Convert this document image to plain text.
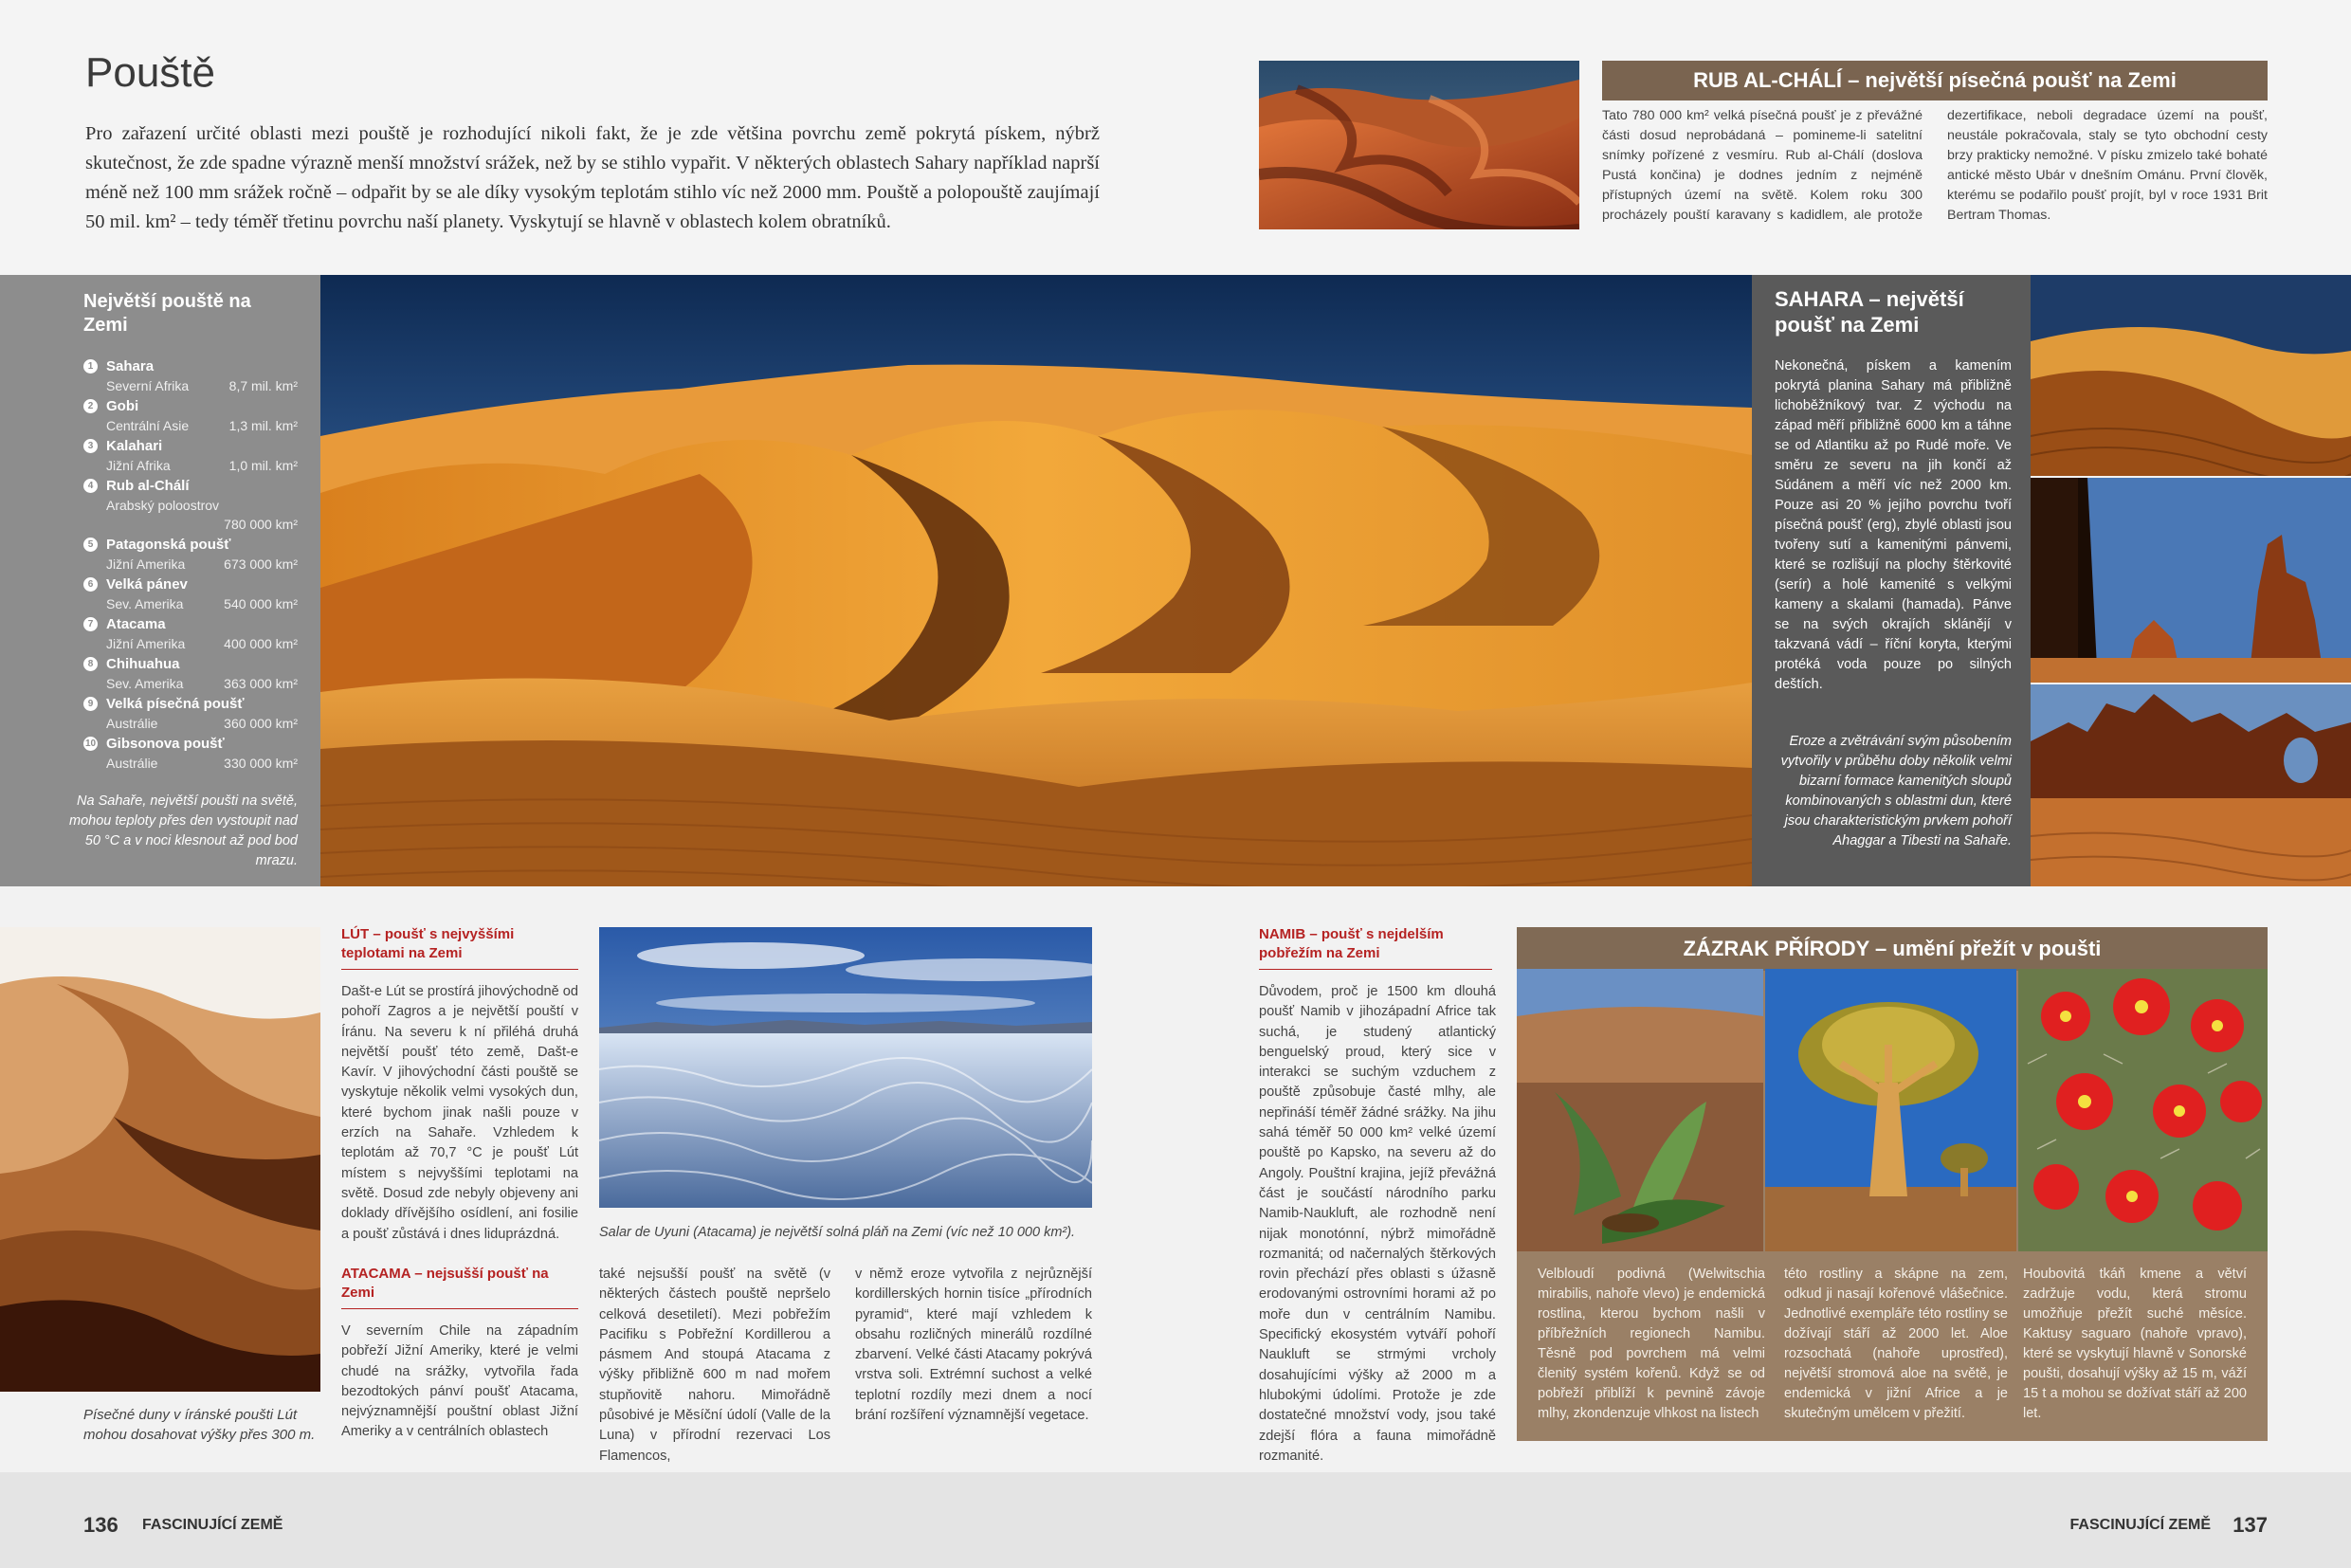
Pouště
Pro zařazení určité oblasti mezi pouště je rozhodující nikoli fakt, že je zde většina povrchu země pokrytá pískem, nýbrž skutečnost, že zde spadne výrazně menší množství srážek, než by se stihlo vypařit. V některých oblastech Sahary například naprší méně než 100 mm srážek ročně – odpařit by se ale díky vysokým teplotám stihlo víc než 2000 mm. Pouště a polopouště zaujímají 50 mil. km² – tedy téměř třetinu povrchu naší planety. Vyskytují se hlavně v oblastech kolem obratníků.
RUB AL-CHÁLÍ – největší písečná poušť na Zemi
Tato 780 000 km² velká písečná poušť je z převážné části dosud neprobádaná – pomineme-li satelitní snímky pořízené z vesmíru. Rub al-Chálí (doslova Pustá končina) je dodnes jedním z nejméně přístupných území na světě. Kolem roku 300 procházely pouští karavany s kadidlem, ale protože dezertifikace, neboli degradace území na poušť, neustále pokračovala, staly se tyto obchodní cesty brzy prakticky nemožné. V písku zmizelo také bohaté antické město Ubár v dnešním Ománu. První člověk, kterému se podařilo poušť projít, byl v roce 1931 Brit Bertram Thomas.
Největší pouště na Zemi
1 Sahara
Severní Afrika	8,7 mil. km²
2 Gobi
Centrální Asie	1,3 mil. km²
3 Kalahari
Jižní Afrika	1,0 mil. km²
4 Rub al-Chálí
Arabský poloostrov
780 000 km²
5 Patagonská poušť
Jižní Amerika	673 000 km²
6 Velká pánev
Sev. Amerika	540 000 km²
7 Atacama
Jižní Amerika	400 000 km²
8 Chihuahua
Sev. Amerika	363 000 km²
9 Velká písečná poušť
Austrálie	360 000 km²
10 Gibsonova poušť
Austrálie	330 000 km²
Na Sahaře, největší poušti na světě, mohou teploty přes den vystoupit nad 50 °C a v noci klesnout až pod bod mrazu.
SAHARA – největší poušť na Zemi
Nekonečná, pískem a kamením pokrytá planina Sahary má přibližně lichoběžníkový tvar. Z východu na západ měří přibližně 6000 km a táhne se od Atlantiku až po Rudé moře. Ve směru ze severu na jih končí až Súdánem a měří víc než 2000 km. Pouze asi 20 % jejího povrchu tvoří písečná poušť (erg), zbylé oblasti jsou tvořeny sutí a kamenitými pánvemi, které se rozlišují na plochy štěrkovité (serír) a holé kamenité s velkými kameny a skalami (hamada). Pánve se na svých okrajích sklánějí v takzvaná vádí – říční koryta, kterými protéká voda pouze po silných deštích.
Eroze a zvětrávání svým působením vytvořily v průběhu doby několik velmi bizarní formace kamenitých sloupů kombinovaných s oblastmi dun, které jsou charakteristickým prvkem pohoří Ahaggar a Tibesti na Sahaře.
Písečné duny v íránské poušti Lút mohou dosahovat výšky přes 300 m.
LÚT – poušť s nejvyššími teplotami na Zemi
Dašt-e Lút se prostírá jihovýchodně od pohoří Zagros a je největší pouští v Íránu. Na severu k ní přiléhá druhá největší poušť této země, Dašt-e Kavír. V jihovýchodní části pouště se vyskytuje několik velmi vysokých dun, které bychom jinak našli pouze v erzích na Sahaře. Vzhledem k teplotám až 70,7 °C je poušť Lút místem s nejvyššími teplotami na světě. Dosud zde nebyly objeveny ani doklady dřívějšího osídlení, ani fosilie a poušť zůstává i dnes liduprázdná.
ATACAMA – nejsušší poušť na Zemi
V severním Chile na západním pobřeží Jižní Ameriky, které je velmi chudé na srážky, vytvořila řada bezodtokých pánví poušť Atacama, nejvýznamnější pouštní oblast Jižní Ameriky a v centrálních oblastech
Salar de Uyuni (Atacama) je největší solná pláň na Zemi (víc než 10 000 km²).
také nejsušší poušť na světě (v některých částech pouště nepršelo celková desetiletí). Mezi pobřežím Pacifiku s Pobřežní Kordillerou a pásmem And stoupá Atacama z výšky přibližně 600 m nad mořem stupňovitě nahoru. Mimořádně působivé je Měsíční údolí (Valle de la Luna) v přírodní rezervaci Los Flamencos,
v němž eroze vytvořila z nejrůznější kordillerských hornin tisíce „přírodních pyramid“, které mají vzhledem k obsahu rozličných minerálů rozdílné zbarvení. Velké části Atacamy pokrývá vrstva soli. Extrémní suchost a velké teplotní rozdíly mezi dnem a nocí brání rozšíření významnější vegetace.
NAMIB – poušť s nejdelším pobřežím na Zemi
Důvodem, proč je 1500 km dlouhá poušť Namib v jihozápadní Africe tak suchá, je studený atlantický benguelský proud, který sice v interakci se suchým vzduchem z pouště způsobuje časté mlhy, ale nepřináší téměř žádné srážky. Na jihu sahá téměř 50 000 km² velké území pouště po Kapsko, na severu až do Angoly. Pouštní krajina, jejíž převážná část je součástí národního parku Namib-Naukluft, ale rozhodně není nijak monotónní, nýbrž mimořádně rozmanitá; od načernalých štěrkových rovin přechází přes oblasti s úžasně erodovanými ostrovními horami až po moře dun v centrálním Namibu. Specifický ekosystém vytváří pohoří Naukluft se strmými vrcholy dosahujícími výšky až 2000 m a hlubokými údolími. Protože je zde dostatečné množství vody, jsou také zdejší flóra a fauna mimořádně rozmanité.
ZÁZRAK PŘÍRODY – umění přežít v poušti
Velbloudí podivná (Welwitschia mirabilis, nahoře vlevo) je endemická rostlina, kterou bychom našli v příbřežních regionech Namibu. Těsně pod povrchem má velmi členitý systém kořenů. Když se od pobřeží přiblíží k pevnině závoje mlhy, zkondenzuje vlhkost na listech
této rostliny a skápne na zem, odkud ji nasají kořenové vlášečnice. Jednotlivé exempláře této rostliny se dožívají stáří až 2000 let. Aloe rozsochatá (nahoře uprostřed), největší stromová aloe na světě, je endemická v jižní Africe a je skutečným umělcem v přežití.
Houbovitá tkáň kmene a větví zadržuje vodu, která stromu umožňuje přežít suché měsíce. Kaktusy saguaro (nahoře vpravo), které se vyskytují hlavně v Sonorské poušti, dosahují výšky až 15 m, váží 15 t a mohou se dožívat stáří až 200 let.
136 FASCINUJÍCÍ ZEMĚ	FASCINUJÍCÍ ZEMĚ 137
